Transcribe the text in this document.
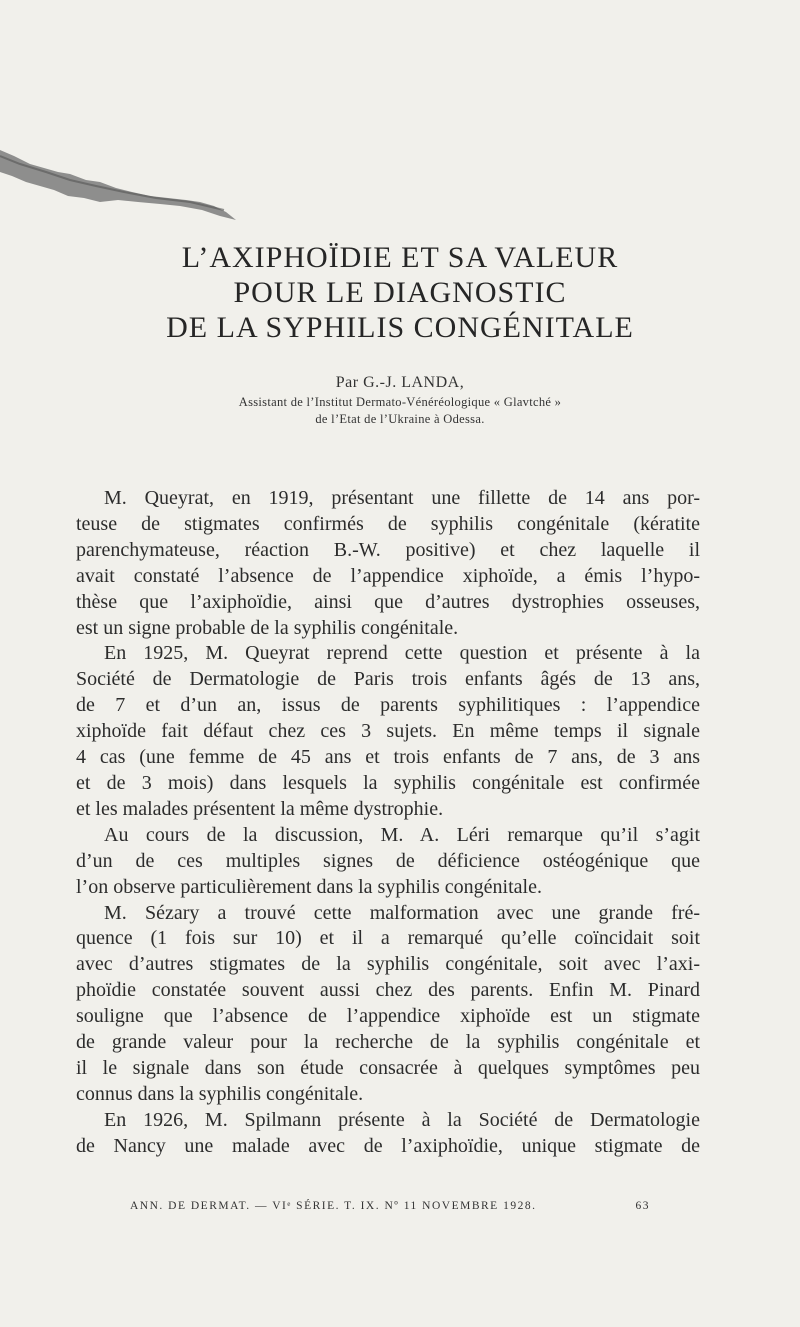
L’AXIPHOÏDIE ET SA VALEUR
POUR LE DIAGNOSTIC
DE LA SYPHILIS CONGÉNITALE
Par G.-J. LANDA,
Assistant de l’Institut Dermato-Vénéréologique « Glavtché »
de l’Etat de l’Ukraine à Odessa.
M. Queyrat, en 1919, présentant une fillette de 14 ans por-
teuse de stigmates confirmés de syphilis congénitale (kératite
parenchymateuse, réaction B.-W. positive) et chez laquelle il
avait constaté l’absence de l’appendice xiphoïde, a émis l’hypo-
thèse que l’axiphoïdie, ainsi que d’autres dystrophies osseuses,
est un signe probable de la syphilis congénitale.
En 1925, M. Queyrat reprend cette question et présente à la
Société de Dermatologie de Paris trois enfants âgés de 13 ans,
de 7 et d’un an, issus de parents syphilitiques : l’appendice
xiphoïde fait défaut chez ces 3 sujets. En même temps il signale
4 cas (une femme de 45 ans et trois enfants de 7 ans, de 3 ans
et de 3 mois) dans lesquels la syphilis congénitale est confirmée
et les malades présentent la même dystrophie.
Au cours de la discussion, M. A. Léri remarque qu’il s’agit
d’un de ces multiples signes de déficience ostéogénique que
l’on observe particulièrement dans la syphilis congénitale.
M. Sézary a trouvé cette malformation avec une grande fré-
quence (1 fois sur 10) et il a remarqué qu’elle coïncidait soit
avec d’autres stigmates de la syphilis congénitale, soit avec l’axi-
phoïdie constatée souvent aussi chez des parents. Enfin M. Pinard
souligne que l’absence de l’appendice xiphoïde est un stigmate
de grande valeur pour la recherche de la syphilis congénitale et
il le signale dans son étude consacrée à quelques symptômes peu
connus dans la syphilis congénitale.
En 1926, M. Spilmann présente à la Société de Dermatologie
de Nancy une malade avec de l’axiphoïdie, unique stigmate de
ANN. DE DERMAT. — VIᵉ SÉRIE. T. IX. Nº 11 NOVEMBRE 1928.	63
